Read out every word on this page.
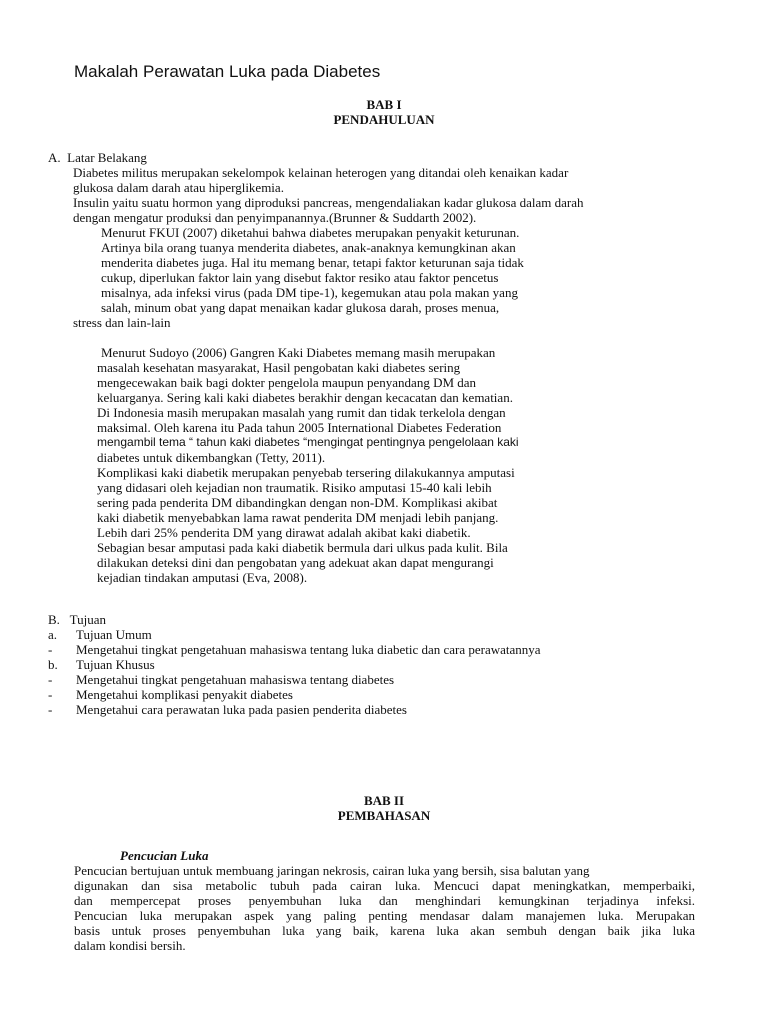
Makalah Perawatan Luka pada Diabetes
BAB I
PENDAHULUAN
A.  Latar Belakang
Diabetes militus merupakan sekelompok kelainan heterogen yang ditandai oleh kenaikan kadar
glukosa dalam darah atau hiperglikemia.
Insulin yaitu suatu hormon yang diproduksi pancreas, mengendaliakan kadar glukosa dalam darah
dengan mengatur produksi dan penyimpanannya.(Brunner & Suddarth 2002).
Menurut FKUI (2007) diketahui bahwa diabetes merupakan penyakit keturunan.
Artinya bila orang tuanya menderita diabetes, anak-anaknya kemungkinan akan
menderita diabetes juga. Hal itu memang benar, tetapi faktor keturunan saja tidak
cukup, diperlukan faktor lain yang disebut faktor resiko atau faktor pencetus
misalnya, ada infeksi virus (pada DM tipe-1), kegemukan atau pola makan yang
salah, minum obat yang dapat menaikan kadar glukosa darah, proses menua,
stress dan lain-lain
Menurut Sudoyo (2006) Gangren Kaki Diabetes memang masih merupakan
masalah kesehatan masyarakat, Hasil pengobatan kaki diabetes sering
mengecewakan baik bagi dokter pengelola maupun penyandang DM dan
keluarganya. Sering kali kaki diabetes berakhir dengan kecacatan dan kematian.
Di Indonesia masih merupakan masalah yang rumit dan tidak terkelola dengan
maksimal. Oleh karena itu Pada tahun 2005 International Diabetes Federation
mengambil tema “ tahun kaki diabetes “mengingat pentingnya pengelolaan kaki
diabetes untuk dikembangkan (Tetty, 2011).
Komplikasi kaki diabetik merupakan penyebab tersering dilakukannya amputasi
yang didasari oleh kejadian non traumatik. Risiko amputasi 15-40 kali lebih
sering pada penderita DM dibandingkan dengan non-DM. Komplikasi akibat
kaki diabetik menyebabkan lama rawat penderita DM menjadi lebih panjang.
Lebih dari 25% penderita DM yang dirawat adalah akibat kaki diabetik.
Sebagian besar amputasi pada kaki diabetik bermula dari ulkus pada kulit. Bila
dilakukan deteksi dini dan pengobatan yang adekuat akan dapat mengurangi
kejadian tindakan amputasi (Eva, 2008).
B.   Tujuan
a. Tujuan Umum
- Mengetahui tingkat pengetahuan mahasiswa tentang luka diabetic dan cara perawatannya
b. Tujuan Khusus
- Mengetahui tingkat pengetahuan mahasiswa tentang diabetes
- Mengetahui komplikasi penyakit diabetes
- Mengetahui cara perawatan luka pada pasien penderita diabetes
BAB II
PEMBAHASAN
Pencucian Luka
Pencucian bertujuan untuk membuang jaringan nekrosis, cairan luka yang bersih, sisa balutan yang
digunakan dan sisa metabolic tubuh pada cairan luka. Mencuci dapat meningkatkan, memperbaiki,
dan mempercepat proses penyembuhan luka dan menghindari kemungkinan terjadinya infeksi.
Pencucian luka merupakan aspek yang paling penting mendasar dalam manajemen luka. Merupakan
basis untuk proses penyembuhan luka yang baik, karena luka akan sembuh dengan baik jika luka
dalam kondisi bersih.
